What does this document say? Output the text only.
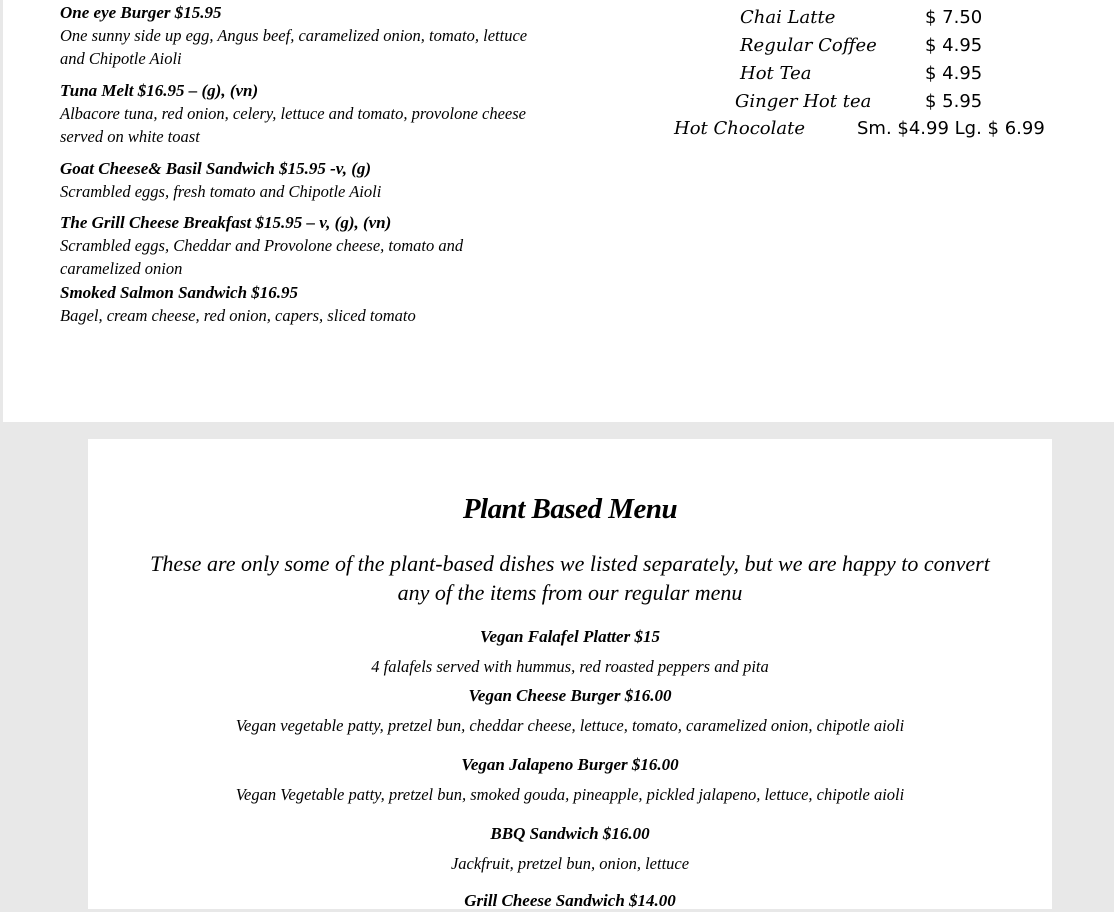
One eye Burger $15.95
One sunny side up egg, Angus beef, caramelized onion, tomato, lettuce and Chipotle Aioli
Tuna Melt $16.95 – (g), (vn)
Albacore tuna, red onion, celery, lettuce and tomato, provolone cheese served on white toast
Goat Cheese& Basil Sandwich $15.95 -v, (g)
Scrambled eggs, fresh tomato and Chipotle Aioli
The Grill Cheese Breakfast $15.95 – v, (g), (vn)
Scrambled eggs, Cheddar and Provolone cheese, tomato and caramelized onion
Smoked Salmon Sandwich $16.95
Bagel, cream cheese, red onion, capers, sliced tomato
Chai Latte	$ 7.50
Regular Coffee	$ 4.95
Hot Tea	$ 4.95
Ginger Hot tea	$ 5.95
Hot Chocolate	Sm. $4.99 Lg. $ 6.99
Plant Based Menu
These are only some of the plant-based dishes we listed separately, but we are happy to convert any of the items from our regular menu
Vegan Falafel Platter $15
4 falafels served with hummus, red roasted peppers and pita
Vegan Cheese Burger $16.00
Vegan vegetable patty, pretzel bun, cheddar cheese, lettuce, tomato, caramelized onion, chipotle aioli
Vegan Jalapeno Burger $16.00
Vegan Vegetable patty, pretzel bun, smoked gouda, pineapple, pickled jalapeno, lettuce, chipotle aioli
BBQ Sandwich $16.00
Jackfruit, pretzel bun, onion, lettuce
Grill Cheese Sandwich $14.00
